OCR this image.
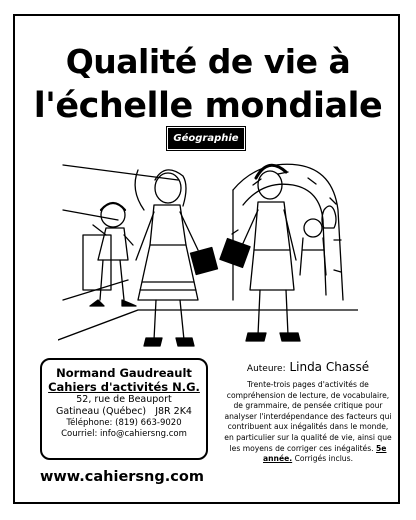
Qualité de vie à
l'échelle mondiale
Géographie
Normand Gaudreault
Cahiers d'activités N.G.
52, rue de Beauport
Gatineau (Québec)   J8R 2K4
Téléphone: (819) 663-9020
Courriel: info@cahiersng.com
Auteure: Linda Chassé
Trente-trois pages d'activités de compréhension de lecture, de vocabulaire, de grammaire, de pensée critique pour analyser l'interdépendance des facteurs qui contribuent aux inégalités dans le monde, en particulier sur la qualité de vie, ainsi que les moyens de corriger ces inégalités. 5e année. Corrigés inclus.
www.cahiersng.com
